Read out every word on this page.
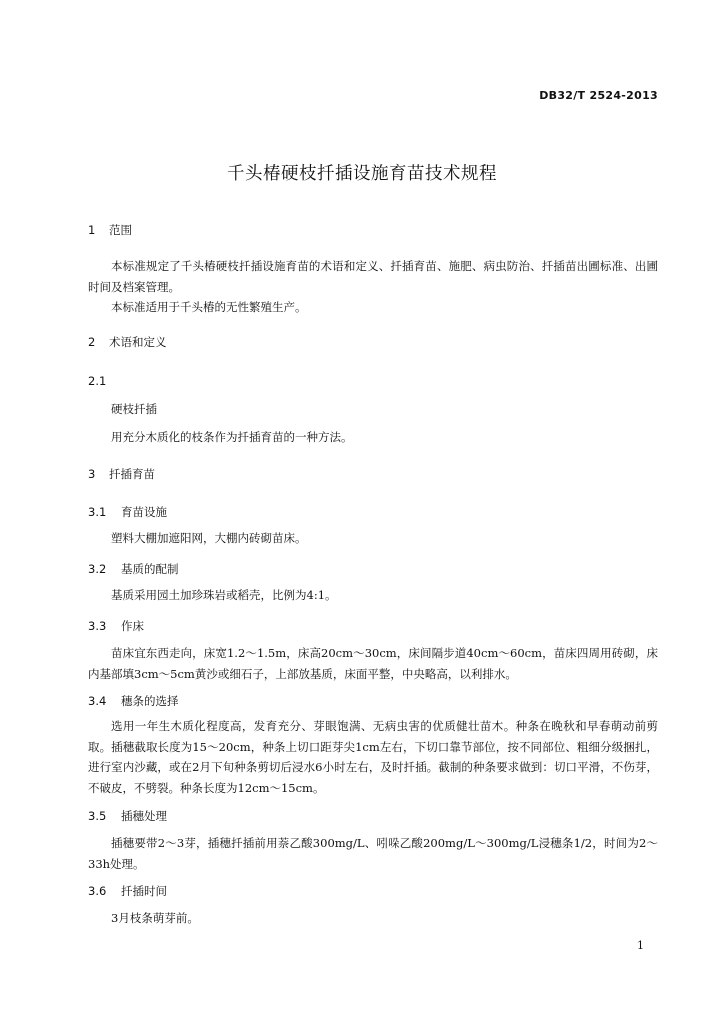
DB32/T 2524-2013
千头椿硬枝扦插设施育苗技术规程
1 范围
本标准规定了千头椿硬枝扦插设施育苗的术语和定义、扦插育苗、施肥、病虫防治、扦插苗出圃标准、出圃时间及档案管理。
本标准适用于千头椿的无性繁殖生产。
2 术语和定义
2.1
硬枝扦插
用充分木质化的枝条作为扦插育苗的一种方法。
3 扦插育苗
3.1 育苗设施
塑料大棚加遮阳网，大棚内砖砌苗床。
3.2 基质的配制
基质采用园土加珍珠岩或稻壳，比例为4:1。
3.3 作床
苗床宜东西走向，床宽1.2～1.5m，床高20cm～30cm，床间隔步道40cm～60cm，苗床四周用砖砌，床内基部填3cm～5cm黄沙或细石子，上部放基质，床面平整，中央略高，以利排水。
3.4 穗条的选择
选用一年生木质化程度高，发育充分、芽眼饱满、无病虫害的优质健壮苗木。种条在晚秋和早春萌动前剪取。插穗截取长度为15～20cm，种条上切口距芽尖1cm左右，下切口靠节部位，按不同部位、粗细分级捆扎，进行室内沙藏，或在2月下旬种条剪切后浸水6小时左右，及时扦插。截制的种条要求做到：切口平滑，不伤芽，不破皮，不劈裂。种条长度为12cm～15cm。
3.5 插穗处理
插穗要带2～3芽，插穗扦插前用萘乙酸300mg/L、吲哚乙酸200mg/L～300mg/L浸穗条1/2，时间为2～33h处理。
3.6 扦插时间
3月枝条萌芽前。
1
